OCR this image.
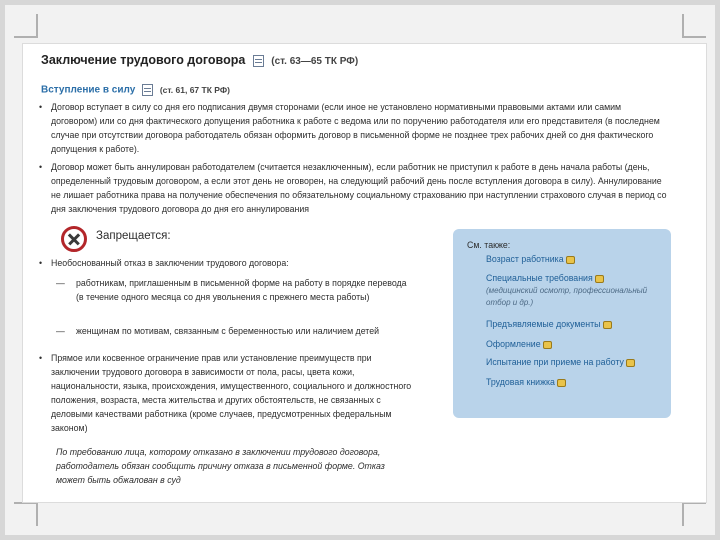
Заключение трудового договора	(ст. 63—65 ТК РФ)
Вступление в силу	(ст. 61, 67 ТК РФ)
• Договор вступает в силу со дня его подписания двумя сторонами (если иное не установлено нормативными правовыми актами или самим договором) или со дня фактического допущения работника к работе с ведома или по поручению работодателя или его представителя (в последнем случае при отсутствии договора работодатель обязан оформить договор в письменной форме не позднее трех рабочих дней со дня фактического допущения к работе).
• Договор может быть аннулирован работодателем (считается незаключенным), если работник не приступил к работе в день начала работы (день, определенный трудовым договором, а если этот день не оговорен, на следующий рабочий день после вступления договора в силу). Аннулирование не лишает работника права на получение обеспечения по обязательному социальному страхованию при наступлении страхового случая в период со дня заключения трудового договора до дня его аннулирования
Запрещается:
• Необоснованный отказ в заключении трудового договора:
— работникам, приглашенным в письменной форме на работу в порядке перевода (в течение одного месяца со дня увольнения с прежнего места работы)
— женщинам по мотивам, связанным с беременностью или наличием детей
• Прямое или косвенное ограничение прав или установление преимуществ при заключении трудового договора в зависимости от пола, расы, цвета кожи, национальности, языка, происхождения, имущественного, социального и должностного положения, возраста, места жительства и других обстоятельств, не связанных с деловыми качествами работника (кроме случаев, предусмотренных федеральным законом)
По требованию лица, которому отказано в заключении трудового договора, работодатель обязан сообщить причину отказа в письменной форме. Отказ может быть обжалован в суд
См. также:
Возраст работника
Специальные требования
(медицинский осмотр, профессиональный отбор и др.)
Предъявляемые документы
Оформление
Испытание при приеме на работу
Трудовая книжка
